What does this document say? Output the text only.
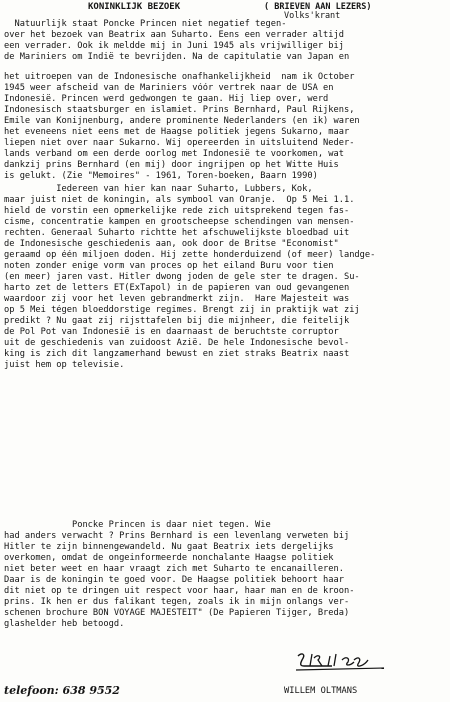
KONINKLIJK BEZOEK	( BRIEVEN AAN LEZERS)
Volks'krant
Natuurlijk staat Poncke Princen niet negatief tegen-
over het bezoek van Beatrix aan Suharto. Eens een verrader altijd
een verrader. Ook ik meldde mij in Juni 1945 als vrijwilliger bij
de Mariniers om Indië te bevrijden. Na de capitulatie van Japan en
het uitroepen van de Indonesische onafhankelijkheid  nam ik October
1945 weer afscheid van de Mariniers vóór vertrek naar de USA en
Indonesië. Princen werd gedwongen te gaan. Hij liep over, werd
Indonesisch staatsburger en islamiet. Prins Bernhard, Paul Rijkens,
Emile van Konijnenburg, andere prominente Nederlanders (en ik) waren
het eveneens niet eens met de Haagse politiek jegens Sukarno, maar
liepen niet over naar Sukarno. Wij opereerden in uitsluitend Neder-
lands verband om een derde oorlog met Indonesië te voorkomen, wat
dankzij prins Bernhard (en mij) door ingrijpen op het Witte Huis
is gelukt. (Zie "Memoires" - 1961, Toren-boeken, Baarn 1990)
Iedereen van hier kan naar Suharto, Lubbers, Kok,
maar juist niet de koningin, als symbool van Oranje.  Op 5 Mei 1.1.
hield de vorstin een opmerkelijke rede zich uitsprekend tegen fas-
cisme, concentratie kampen en grootscheepse schendingen van mensen-
rechten. Generaal Suharto richtte het afschuwelijkste bloedbad uit
de Indonesische geschiedenis aan, ook door de Britse "Economist"
geraamd op één miljoen doden. Hij zette honderduizend (of meer) landge-
noten zonder enige vorm van proces op het eiland Buru voor tien
(en meer) jaren vast. Hitler dwong joden de gele ster te dragen. Su-
harto zet de letters ET(ExTapol) in de papieren van oud gevangenen
waardoor zij voor het leven gebrandmerkt zijn.  Hare Majesteit was
op 5 Mei tégen bloeddorstige regimes. Brengt zij in praktijk wat zij
predikt ? Nu gaat zij rijsttafelen bij die mijnheer, die feitelijk
de Pol Pot van Indonesië is en daarnaast de beruchtste corruptor
uit de geschiedenis van zuidoost Azië. De hele Indonesische bevol-
king is zich dit langzamerhand bewust en ziet straks Beatrix naast
juist hem op televisie.
Poncke Princen is daar niet tegen. Wie
had anders verwacht ? Prins Bernhard is een levenlang verweten bij
Hitler te zijn binnengewandeld. Nu gaat Beatrix iets dergelijks
overkomen, omdat de ongeinformeerde nonchalante Haagse politiek
niet beter weet en haar vraagt zich met Suharto te encanailleren.
Daar is de koningin te goed voor. De Haagse politiek behoort haar
dit niet op te dringen uit respect voor haar, haar man en de kroon-
prins. Ik hen er dus falikant tegen, zoals ik in mijn onlangs ver-
schenen brochure BON VOYAGE MAJESTEIT" (De Papieren Tijger, Breda)
glashelder heb betoogd.
telefoon: 638 9552	WILLEM OLTMANS
